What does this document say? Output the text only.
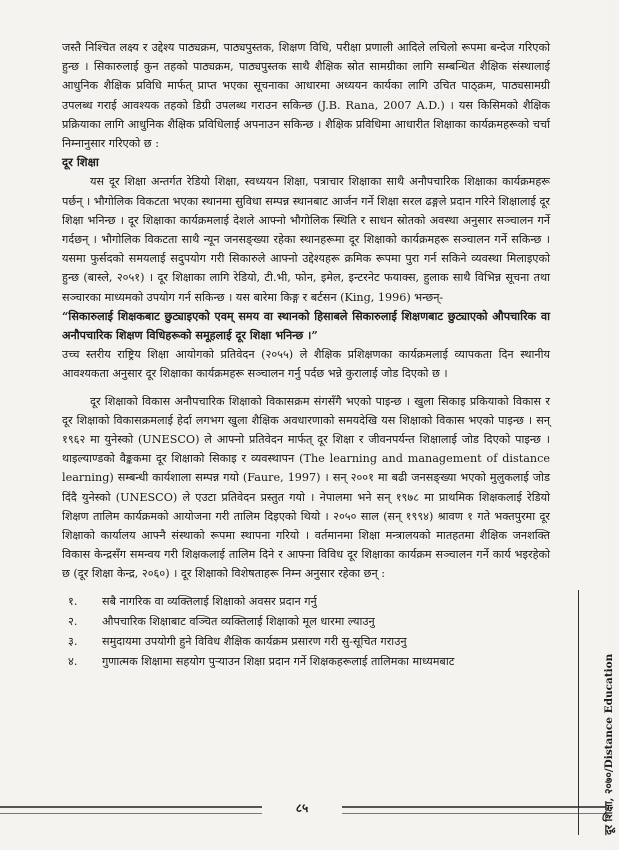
जस्तै निश्चित लक्ष्य र उद्देश्य पाठ्यक्रम, पाठ्यपुस्तक, शिक्षण विधि, परीक्षा प्रणाली आदिले लचिलो रूपमा बन्देज गरिएको हुन्छ । सिकारुलाई कुन तहको पाठ्यक्रम, पाठ्यपुस्तक साथै शैक्षिक स्रोत सामग्रीका लागि सम्बन्धित शैक्षिक संस्थालाई आधुनिक शैक्षिक प्रविधि मार्फत् प्राप्त भएका सूचनाका आधारमा अध्ययन कार्यका लागि उचित पाठ्क्रम, पाठ्यसामग्री उपलब्ध गराई आवश्यक तहको डिग्री उपलब्ध गराउन सकिन्छ (J.B. Rana, 2007 A.D.) । यस किसिमको शैक्षिक प्रक्रियाका लागि आधुनिक शैक्षिक प्रविधिलाई अपनाउन सकिन्छ । शैक्षिक प्रविधिमा आधारीत शिक्षाका कार्यक्रमहरूको चर्चा निम्नानुसार गरिएको छ :

दूर शिक्षा

यस दूर शिक्षा अन्तर्गत रेडियो शिक्षा, स्वध्ययन शिक्षा, पत्राचार शिक्षाका साथै अनौपचारिक शिक्षाका कार्यक्रमहरू पर्छन् । भौगोलिक विकटता भएका स्थानमा सुविधा सम्पन्न स्थानबाट आर्जन गर्ने शिक्षा सरल ढङ्गले प्रदान गरिने शिक्षालाई दूर शिक्षा भनिन्छ । दूर शिक्षाका कार्यक्रमलाई देशले आफ्नो भौगोलिक स्थिति र साधन स्रोतको अवस्था अनुसार सञ्चालन गर्ने गर्दछन् । भौगोलिक विकटता साथै न्यून जनसङ्ख्या रहेका स्थानहरूमा दूर शिक्षाको कार्यक्रमहरू सञ्चालन गर्ने सकिन्छ । यसमा फुर्सदको समयलाई सदुपयोग गरी सिकारुले आफ्नो उद्देश्यहरू क्रमिक रूपमा पुरा गर्न सकिने व्यवस्था मिलाइएको हुन्छ (बास्ले, २०५१) । दूर शिक्षाका लागि रेडियो, टी.भी, फोन, इमेल, इन्टरनेट फयाक्स, हुलाक साथै विभिन्न सूचना तथा सञ्चारका माध्यमको उपयोग गर्न सकिन्छ । यस बारेमा किङ्ग र बर्टसन (King, 1996) भन्छन्-

“सिकारुलाई शिक्षकबाट छुट्याइएको एवम् समय वा स्थानको हिसाबले सिकारुलाई शिक्षणबाट छुट्याएको औपचारिक वा अनौपचारिक शिक्षण विधिहरूको समूहलाई दूर शिक्षा भनिन्छ ।”

उच्च स्तरीय राष्ट्रिय शिक्षा आयोगको प्रतिवेदन (२०५५) ले शैक्षिक प्रशिक्षणका कार्यक्रमलाई व्यापकता दिन स्थानीय आवश्यकता अनुसार दूर शिक्षाका कार्यक्रमहरू सञ्चालन गर्नु पर्दछ भन्ने कुरालाई जोड दिएको छ ।

दूर शिक्षाको विकास अनौपचारिक शिक्षाको विकासक्रम संगसँगै भएको पाइन्छ । खुला सिकाइ प्रकियाको विकास र दूर शिक्षाको विकासक्रमलाई हेर्दा लगभग खुला शैक्षिक अवधारणाको समयदेखि यस शिक्षाको विकास भएको पाइन्छ । सन् १९६२ मा युनेस्को (UNESCO) ले आफ्नो प्रतिवेदन मार्फत् दूर शिक्षा र जीवनपर्यन्त शिक्षालाई जोड दिएको पाइन्छ । थाइल्याण्डको वैङ्ककमा दूर शिक्षाको सिकाइ र व्यवस्थापन (The learning and management of distance learning) सम्बन्धी कार्यशाला सम्पन्न गयो (Faure, 1997) । सन् २००१ मा बढी जनसङ्ख्या भएको मुलुकलाई जोड दिंदै युनेस्को (UNESCO) ले एउटा प्रतिवेदन प्रस्तुत गयो । नेपालमा भने सन् १९७८ मा प्राथमिक शिक्षकलाई रेडियो शिक्षण तालिम कार्यक्रमको आयोजना गरी तालिम दिइएको थियो । २०५० साल (सन् १९९४) श्रावण १ गते भक्तपुरमा दूर शिक्षाको कार्यालय आफ्नै संस्थाको रूपमा स्थापना गरियो । वर्तमानमा शिक्षा मन्त्रालयको मातहतमा शैक्षिक जनशक्ति विकास केन्द्रसँग समन्वय गरी शिक्षकलाई तालिम दिने र आफ्ना विविध दूर शिक्षाका कार्यक्रम सञ्चालन गर्ने कार्य भइरहेको छ (दूर शिक्षा केन्द्र, २०६०) । दूर शिक्षाको विशेषताहरू निम्न अनुसार रहेका छन् :

१.	सबै नागरिक वा व्यक्तिलाई शिक्षाको अवसर प्रदान गर्नु
२.	औपचारिक शिक्षाबाट वञ्चित व्यक्तिलाई शिक्षाको मूल धारमा ल्याउनु
३.	समुदायमा उपयोगी हुने विविध शैक्षिक कार्यक्रम प्रसारण गरी सु-सूचित गराउनु
४.	गुणात्मक शिक्षामा सहयोग पुऱ्याउन शिक्षा प्रदान गर्ने शिक्षकहरूलाई तालिमका माध्यमबाट
८५	दूर शिक्षा, २०७०/Distance Education
